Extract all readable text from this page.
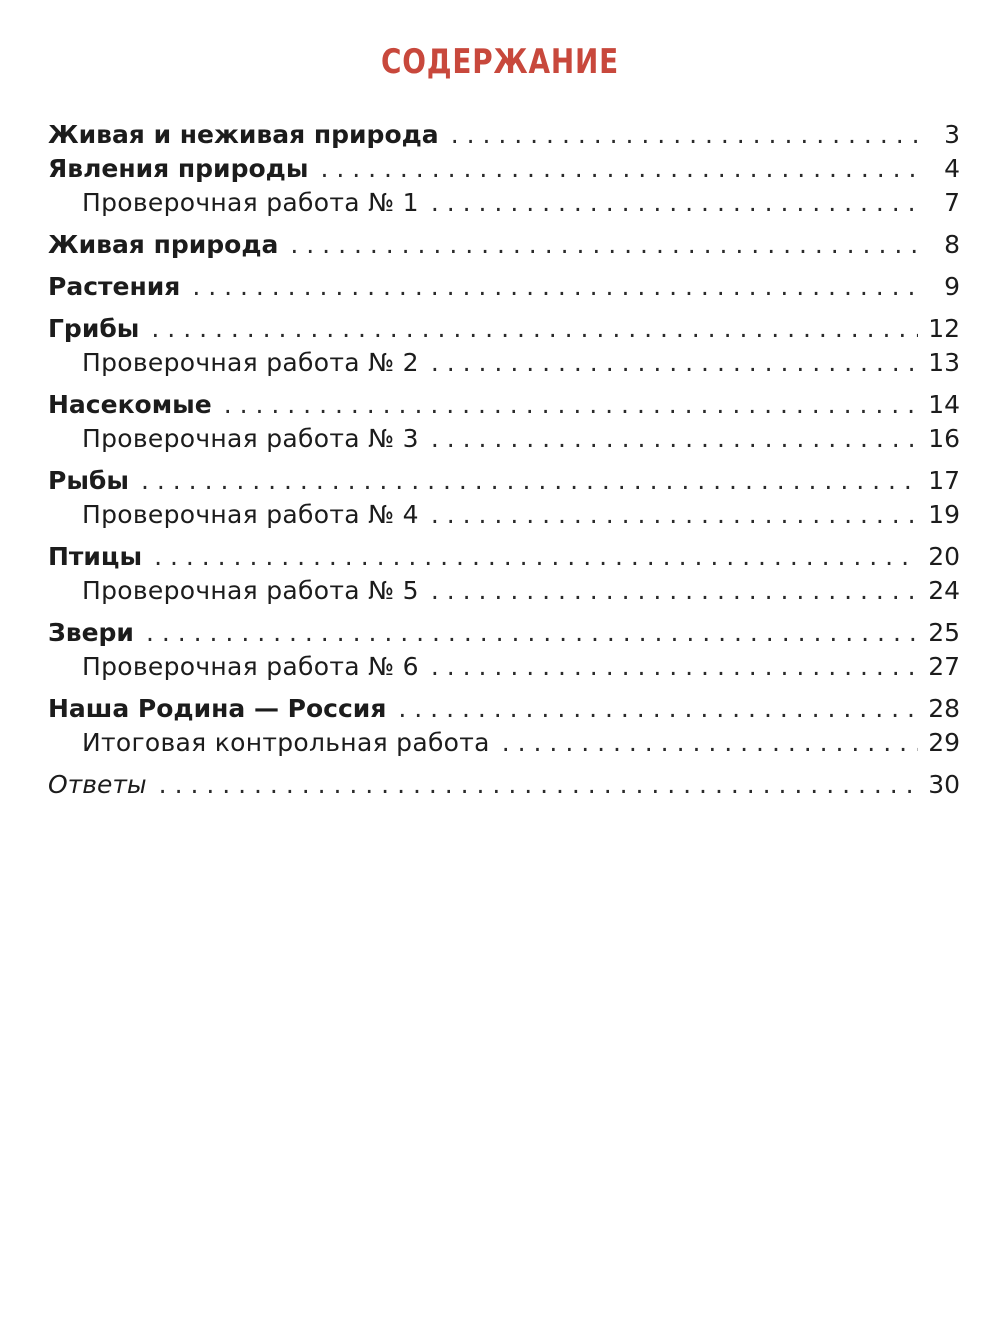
СОДЕРЖАНИЕ
Живая и неживая природа . . .	3
Явления природы . . .	4
Проверочная работа № 1 . . .	7
Живая природа . . .	8
Растения . . .	9
Грибы . . .	12
Проверочная работа № 2 . . .	13
Насекомые . . .	14
Проверочная работа № 3 . . .	16
Рыбы . . .	17
Проверочная работа № 4 . . .	19
Птицы . . .	20
Проверочная работа № 5 . . .	24
Звери . . .	25
Проверочная работа № 6 . . .	27
Наша Родина — Россия . . .	28
Итоговая контрольная работа . . .	29
Ответы . . .	30
